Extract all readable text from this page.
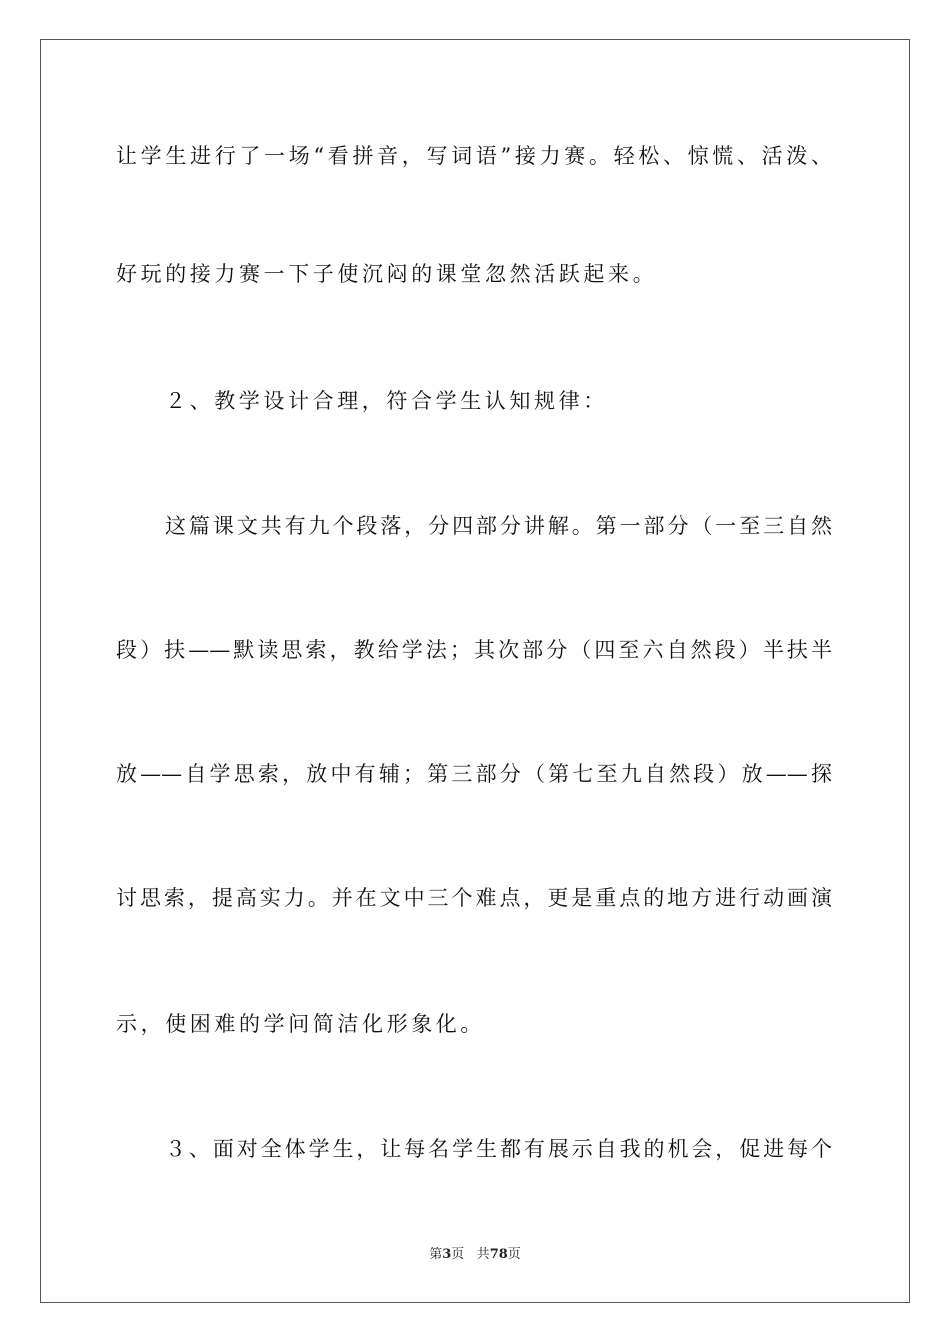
让学生进行了一场“看拼音，写词语”接力赛。轻松、惊慌、活泼、
好玩的接力赛一下子使沉闷的课堂忽然活跃起来。
２、教学设计合理，符合学生认知规律：
这篇课文共有九个段落，分四部分讲解。第一部分（一至三自然
段）扶——默读思索，教给学法；其次部分（四至六自然段）半扶半
放——自学思索，放中有辅；第三部分（第七至九自然段）放——探
讨思索，提高实力。并在文中三个难点，更是重点的地方进行动画演
示，使困难的学问简洁化形象化。
３、面对全体学生，让每名学生都有展示自我的机会，促进每个
第3页 共78页
